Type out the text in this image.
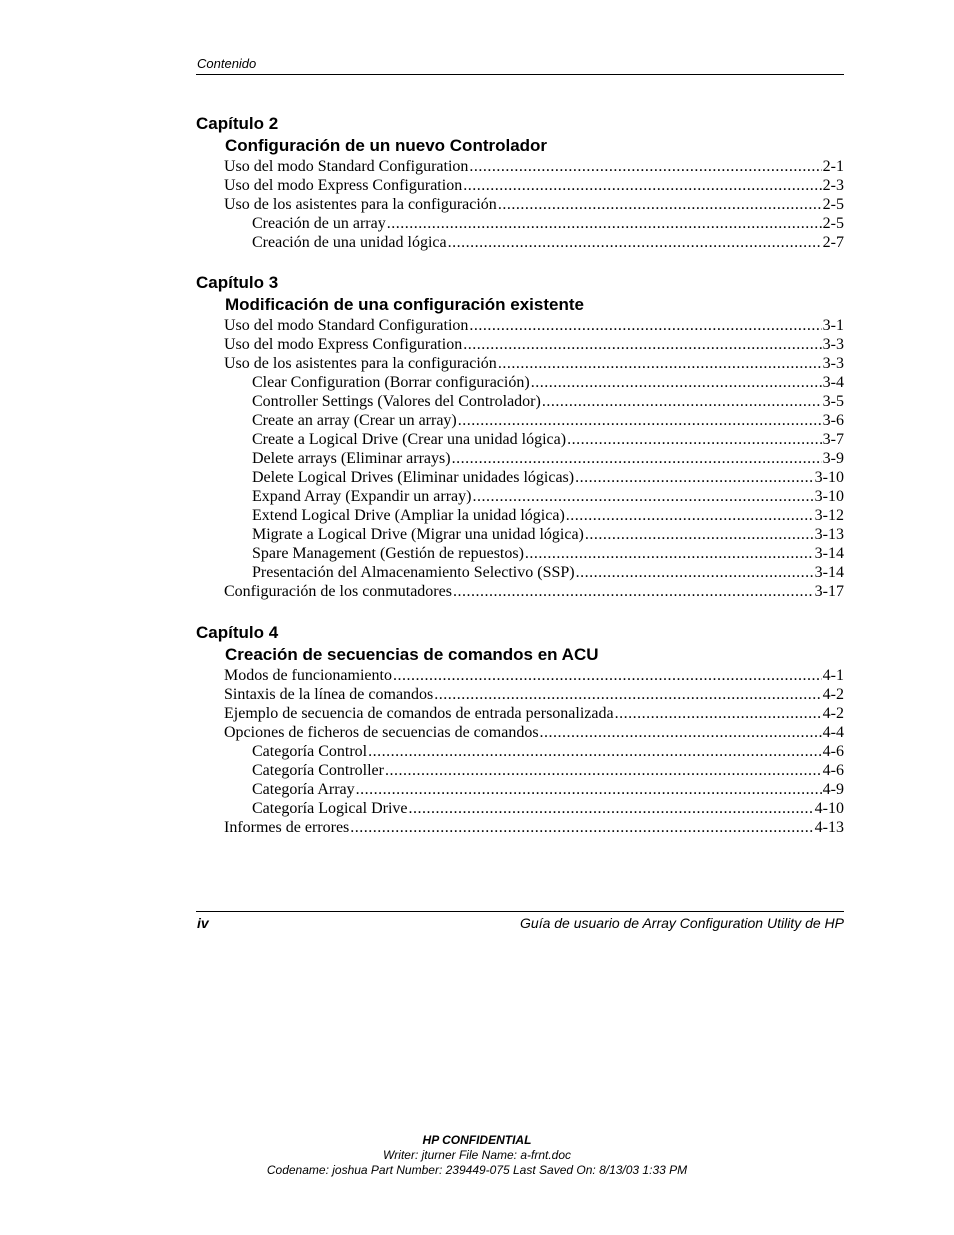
Contenido
Capítulo 2
Configuración de un nuevo Controlador
Uso del modo Standard Configuration .....	2-1
Uso del modo Express Configuration .....	2-3
Uso de los asistentes para la configuración .....	2-5
Creación de un array .....	2-5
Creación de una unidad lógica .....	2-7
Capítulo 3
Modificación de una configuración existente
Uso del modo Standard Configuration .....	3-1
Uso del modo Express Configuration .....	3-3
Uso de los asistentes para la configuración .....	3-3
Clear Configuration (Borrar configuración) .....	3-4
Controller Settings (Valores del Controlador) .....	3-5
Create an array (Crear un array) .....	3-6
Create a Logical Drive (Crear una unidad lógica) .....	3-7
Delete arrays (Eliminar arrays) .....	3-9
Delete Logical Drives (Eliminar unidades lógicas) .....	3-10
Expand Array (Expandir un array) .....	3-10
Extend Logical Drive (Ampliar la unidad lógica) .....	3-12
Migrate a Logical Drive (Migrar una unidad lógica) .....	3-13
Spare Management (Gestión de repuestos) .....	3-14
Presentación del Almacenamiento Selectivo (SSP) .....	3-14
Configuración de los conmutadores .....	3-17
Capítulo 4
Creación de secuencias de comandos en ACU
Modos de funcionamiento .....	4-1
Sintaxis de la línea de comandos .....	4-2
Ejemplo de secuencia de comandos de entrada personalizada .....	4-2
Opciones de ficheros de secuencias de comandos .....	4-4
Categoría Control .....	4-6
Categoría Controller .....	4-6
Categoría Array .....	4-9
Categoría Logical Drive .....	4-10
Informes de errores .....	4-13
iv	Guía de usuario de Array Configuration Utility de HP
HP CONFIDENTIAL
Writer: jturner File Name: a-frnt.doc
Codename: joshua Part Number: 239449-075 Last Saved On: 8/13/03 1:33 PM
